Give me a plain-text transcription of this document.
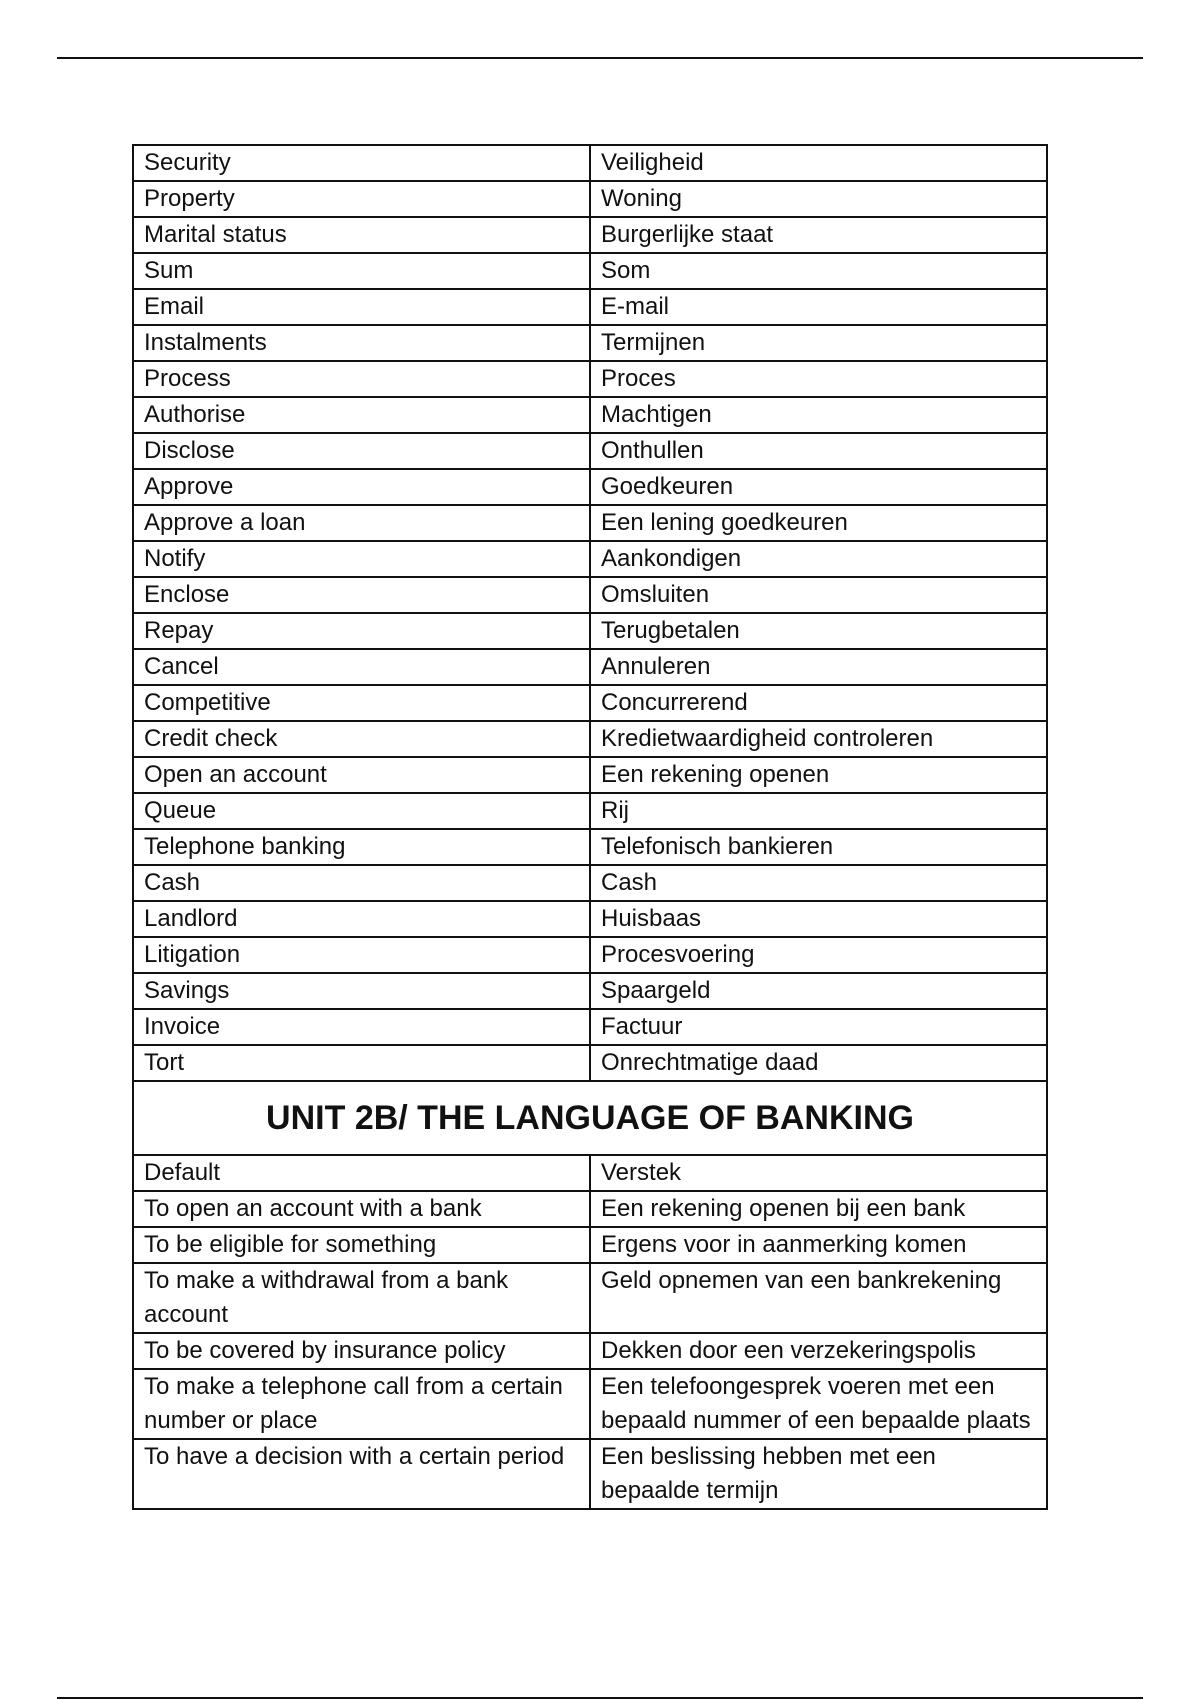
Security	Veiligheid
Property	Woning
Marital status	Burgerlijke staat
Sum	Som
Email	E-mail
Instalments	Termijnen
Process	Proces
Authorise	Machtigen
Disclose	Onthullen
Approve	Goedkeuren
Approve a loan	Een lening goedkeuren
Notify	Aankondigen
Enclose	Omsluiten
Repay	Terugbetalen
Cancel	Annuleren
Competitive	Concurrerend
Credit check	Kredietwaardigheid controleren
Open an account	Een rekening openen
Queue	Rij
Telephone banking	Telefonisch bankieren
Cash	Cash
Landlord	Huisbaas
Litigation	Procesvoering
Savings	Spaargeld
Invoice	Factuur
Tort	Onrechtmatige daad
UNIT 2B/ THE LANGUAGE OF BANKING	
Default	Verstek
To open an account with a bank	Een rekening openen bij een bank
To be eligible for something	Ergens voor in aanmerking komen
To make a withdrawal from a bank account	Geld opnemen van een bankrekening
To be covered by insurance policy	Dekken door een verzekeringspolis
To make a telephone call from a certain number or place	Een telefoongesprek voeren met een bepaald nummer of een bepaalde plaats
To have a decision with a certain period	Een beslissing hebben met een bepaalde termijn
